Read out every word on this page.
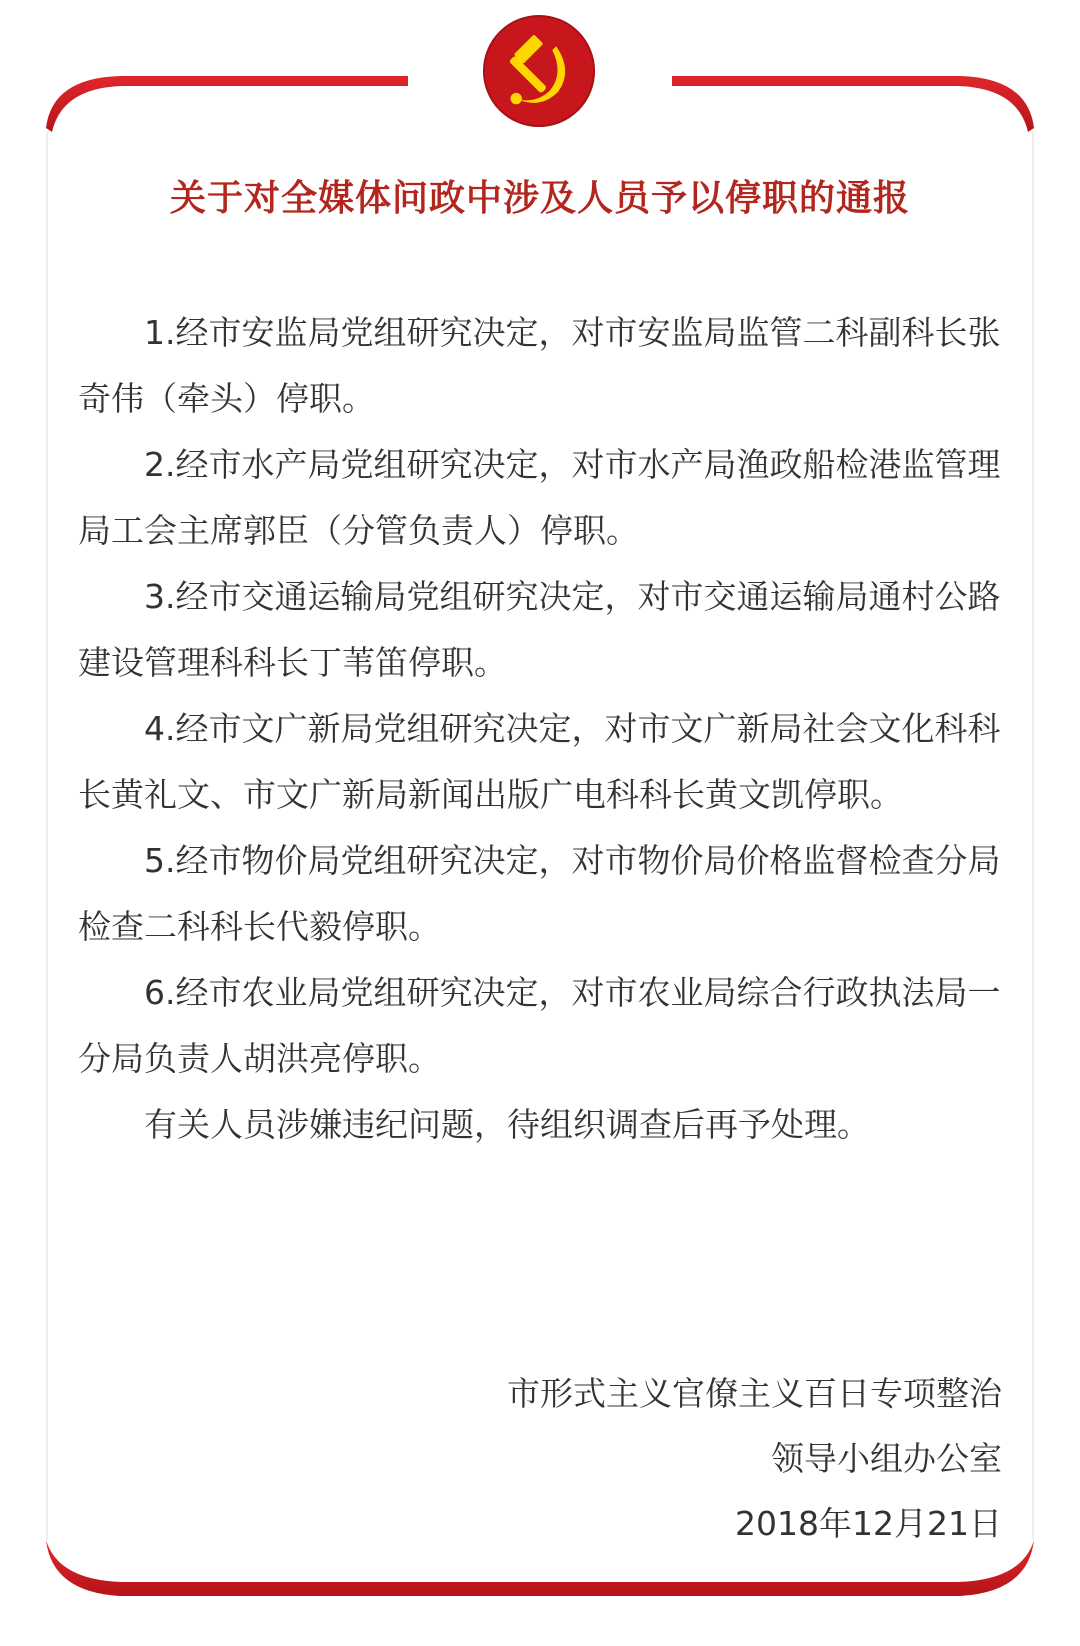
关于对全媒体问政中涉及人员予以停职的通报

1.经市安监局党组研究决定，对市安监局监管二科副科长张奇伟（牵头）停职。

2.经市水产局党组研究决定，对市水产局渔政船检港监管理局工会主席郭臣（分管负责人）停职。

3.经市交通运输局党组研究决定，对市交通运输局通村公路建设管理科科长丁苇笛停职。

4.经市文广新局党组研究决定，对市文广新局社会文化科科长黄礼文、市文广新局新闻出版广电科科长黄文凯停职。

5.经市物价局党组研究决定，对市物价局价格监督检查分局检查二科科长代毅停职。

6.经市农业局党组研究决定，对市农业局综合行政执法局一分局负责人胡洪亮停职。

有关人员涉嫌违纪问题，待组织调查后再予处理。

市形式主义官僚主义百日专项整治
领导小组办公室
2018年12月21日
